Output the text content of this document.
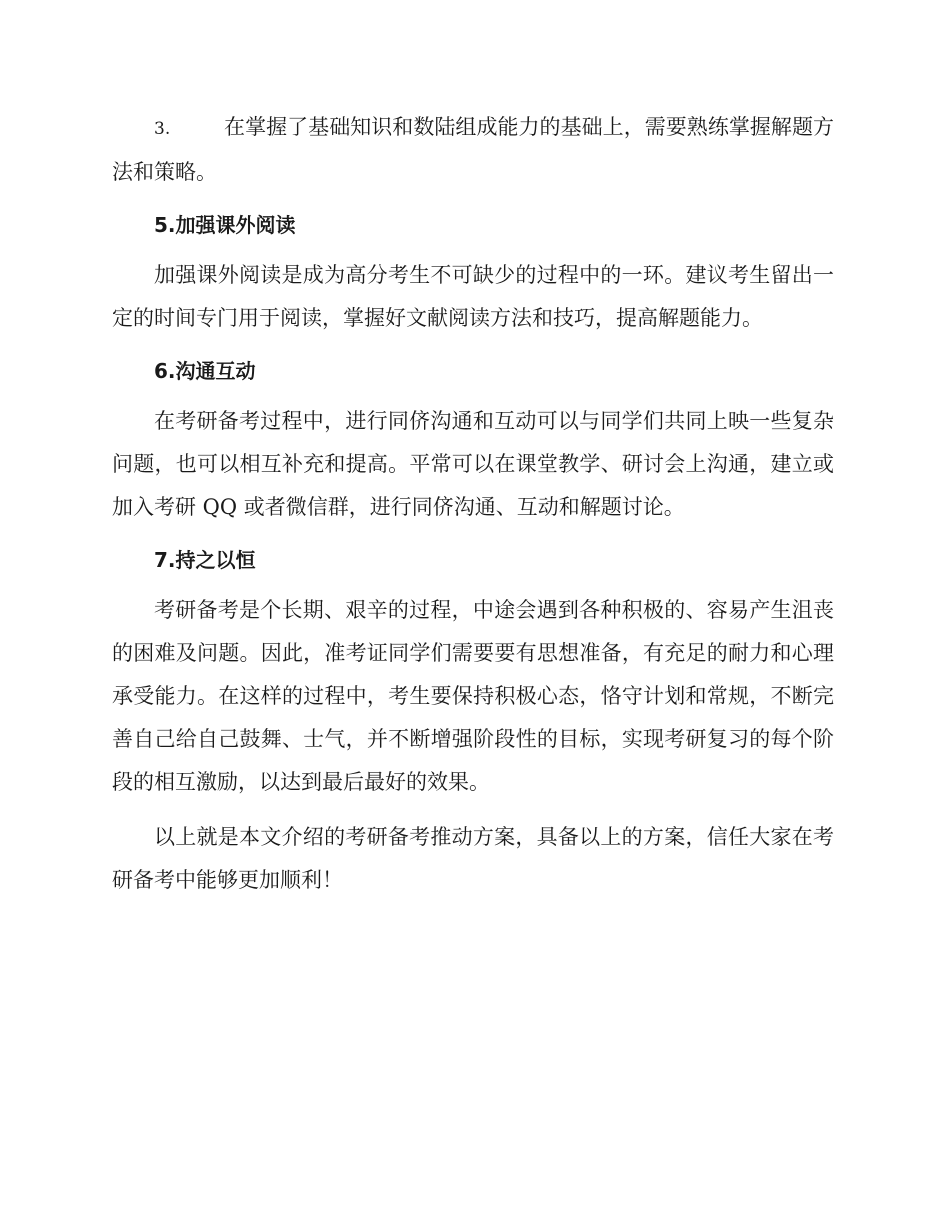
3.	在掌握了基础知识和数陆组成能力的基础上，需要熟练掌握解题方法和策略。

5.加强课外阅读

加强课外阅读是成为高分考生不可缺少的过程中的一环。建议考生留出一定的时间专门用于阅读，掌握好文献阅读方法和技巧，提高解题能力。

6.沟通互动

在考研备考过程中，进行同侪沟通和互动可以与同学们共同上映一些复杂问题，也可以相互补充和提高。平常可以在课堂教学、研讨会上沟通，建立或加入考研 QQ 或者微信群，进行同侪沟通、互动和解题讨论。

7.持之以恒

考研备考是个长期、艰辛的过程，中途会遇到各种积极的、容易产生沮丧的困难及问题。因此，准考证同学们需要要有思想准备，有充足的耐力和心理承受能力。在这样的过程中，考生要保持积极心态，恪守计划和常规，不断完善自己给自己鼓舞、士气，并不断增强阶段性的目标，实现考研复习的每个阶段的相互激励，以达到最后最好的效果。

以上就是本文介绍的考研备考推动方案，具备以上的方案，信任大家在考研备考中能够更加顺利！
